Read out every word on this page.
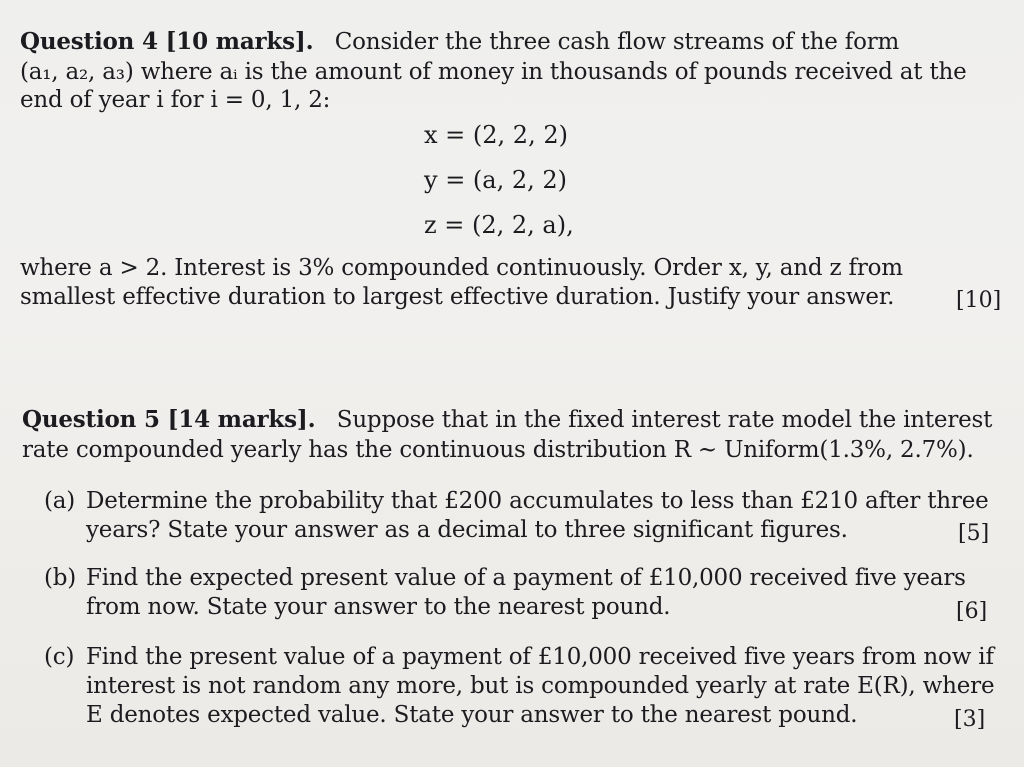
Question 4 [10 marks]. Consider the three cash flow streams of the form
(a₁, a₂, a₃) where aᵢ is the amount of money in thousands of pounds received at the
end of year i for i = 0, 1, 2:
x = (2, 2, 2)
y = (a, 2, 2)
z = (2, 2, a),
where a > 2. Interest is 3% compounded continuously. Order x, y, and z from
smallest effective duration to largest effective duration. Justify your answer.	[10]
Question 5 [14 marks]. Suppose that in the fixed interest rate model the interest
rate compounded yearly has the continuous distribution R ~ Uniform(1.3%, 2.7%).
(a) Determine the probability that £200 accumulates to less than £210 after three
years? State your answer as a decimal to three significant figures.	[5]
(b) Find the expected present value of a payment of £10,000 received five years
from now. State your answer to the nearest pound.	[6]
(c) Find the present value of a payment of £10,000 received five years from now if
interest is not random any more, but is compounded yearly at rate E(R), where
E denotes expected value. State your answer to the nearest pound.	[3]
